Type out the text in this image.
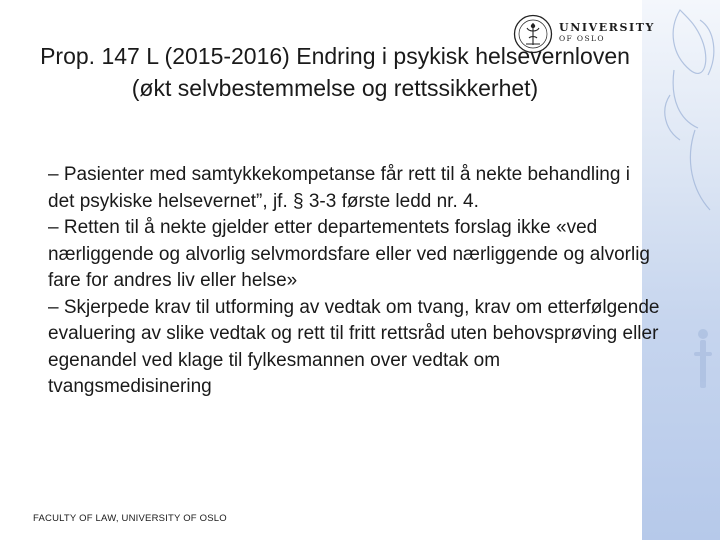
UNIVERSITY
OF OSLO
Prop. 147 L (2015-2016) Endring i psykisk helsevernloven (økt selvbestemmelse og rettssikkerhet)

– Pasienter med samtykkekompetanse får rett til å nekte behandling i det psykiske helsevernet”, jf. § 3-3 første ledd nr. 4.

– Retten til å nekte gjelder etter departementets forslag ikke «ved nærliggende og alvorlig selvmordsfare eller ved nærliggende og alvorlig fare for andres liv eller helse»

– Skjerpede krav til utforming av vedtak om tvang, krav om etterfølgende evaluering av slike vedtak og rett til fritt rettsråd uten behovsprøving eller egenandel ved klage til fylkesmannen over vedtak om tvangsmedisinering

FACULTY OF LAW, UNIVERSITY OF OSLO
